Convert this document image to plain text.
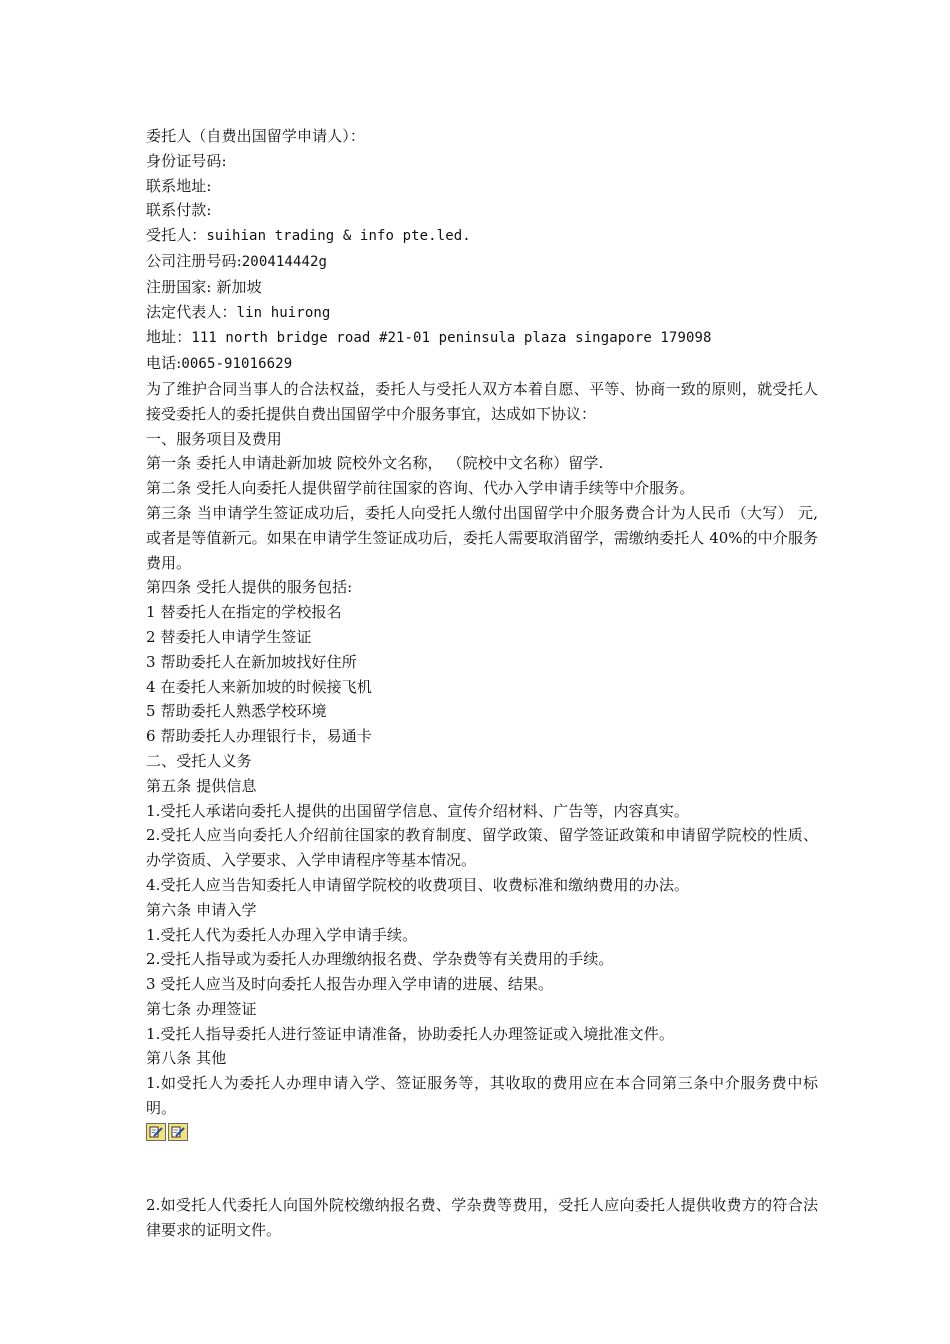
委托人（自费出国留学申请人）：
身份证号码:
联系地址:
联系付款:
受托人：suihian trading & info pte.led.
公司注册号码:200414442g
注册国家: 新加坡
法定代表人：lin huirong
地址：111 north bridge road #21-01 peninsula plaza singapore 179098
电话:0065-91016629
为了维护合同当事人的合法权益，委托人与受托人双方本着自愿、平等、协商一致的原则，就受托人接受委托人的委托提供自费出国留学中介服务事宜，达成如下协议：
一、服务项目及费用
第一条 委托人申请赴新加坡 院校外文名称， （院校中文名称）留学.
第二条 受托人向委托人提供留学前往国家的咨询、代办入学申请手续等中介服务。
第三条 当申请学生签证成功后，委托人向受托人缴付出国留学中介服务费合计为人民币（大写） 元,或者是等值新元。如果在申请学生签证成功后，委托人需要取消留学，需缴纳委托人 40%的中介服务费用。
第四条 受托人提供的服务包括:
1 替委托人在指定的学校报名
2 替委托人申请学生签证
3 帮助委托人在新加坡找好住所
4 在委托人来新加坡的时候接飞机
5 帮助委托人熟悉学校环境
6 帮助委托人办理银行卡，易通卡
二、受托人义务
第五条 提供信息
1.受托人承诺向委托人提供的出国留学信息、宣传介绍材料、广告等，内容真实。
2.受托人应当向委托人介绍前往国家的教育制度、留学政策、留学签证政策和申请留学院校的性质、办学资质、入学要求、入学申请程序等基本情况。
4.受托人应当告知委托人申请留学院校的收费项目、收费标准和缴纳费用的办法。
第六条 申请入学
1.受托人代为委托人办理入学申请手续。
2.受托人指导或为委托人办理缴纳报名费、学杂费等有关费用的手续。
3 受托人应当及时向委托人报告办理入学申请的进展、结果。
第七条 办理签证
1.受托人指导委托人进行签证申请准备，协助委托人办理签证或入境批准文件。
第八条 其他
1.如受托人为委托人办理申请入学、签证服务等，其收取的费用应在本合同第三条中介服务费中标明。
2.如受托人代委托人向国外院校缴纳报名费、学杂费等费用，受托人应向委托人提供收费方的符合法律要求的证明文件。
